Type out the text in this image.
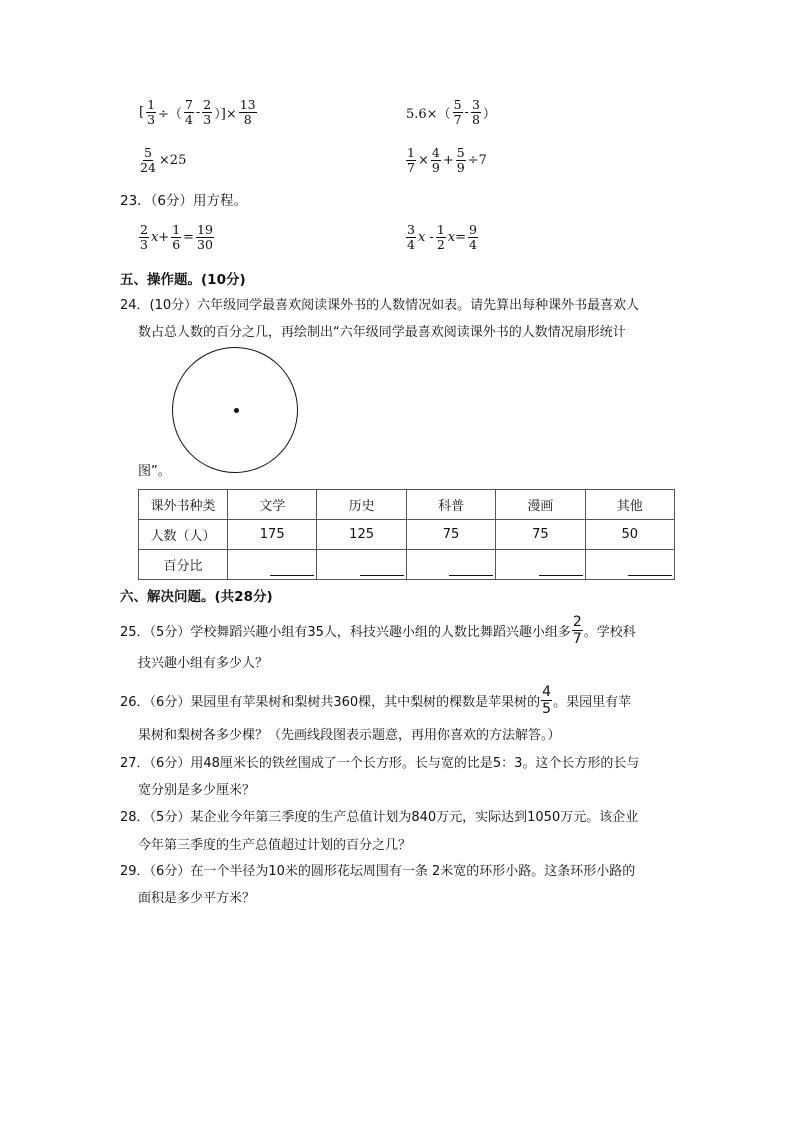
[ $\frac{1}{3}$ ÷（ $\frac{7}{4} - \frac{2}{3}$ ）]× $\frac{13}{8}$	$5.6\times( \frac{5}{7} - \frac{3}{8}$ ）
$\frac{5}{24} \times 25$	$\frac{1}{7} \times \frac{4}{9} + \frac{5}{9} \div 7$
23．（6分）用方程。
$\frac{2}{3} x+ \frac{1}{6} = \frac{19}{30}$	$\frac{3}{4}$ $x - \frac{1}{2} x= \frac{9}{4}$
五、操作题。(10分)
24．(10分）六年级同学最喜欢阅读课外书的人数情况如表。请先算出每种课外书最喜欢人
数占总人数的百分之几，再绘制出“六年级同学最喜欢阅读课外书的人数情况扇形统计
图”。
课外书种类	文学	历史	科普	漫画	其他
人数（人）	175	125	75	75	50
百分比					
六、解决问题。(共28分)
25．（5分）学校舞蹈兴趣小组有35人，科技兴趣小组的人数比舞蹈兴趣小组多 $\frac{2}{7}$ 。学校科
技兴趣小组有多少人？
26．（6分）果园里有苹果树和梨树共360棵，其中梨树的棵数是苹果树的 $\frac{4}{5}$ 。果园里有苹
果树和梨树各多少棵？（先画线段图表示题意，再用你喜欢的方法解答。）
27．（6分）用48厘米长的铁丝围成了一个长方形。长与宽的比是5：3。这个长方形的长与
宽分别是多少厘米？
28．（5分）某企业今年第三季度的生产总值计划为840万元，实际达到1050万元。该企业
今年第三季度的生产总值超过计划的百分之几？
29．（6分）在一个半径为10米的圆形花坛周围有一条 2米宽的环形小路。这条环形小路的
面积是多少平方米？
